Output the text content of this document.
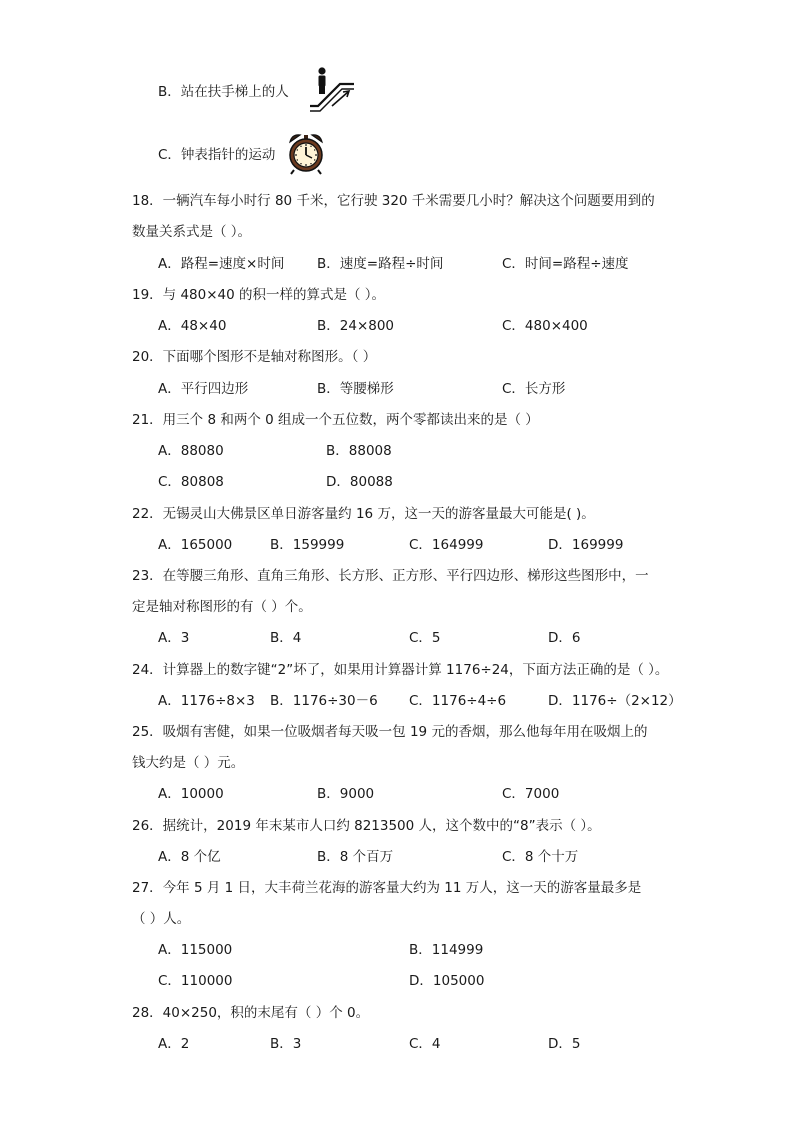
B．站在扶手梯上的人
C．钟表指针的运动
18．一辆汽车每小时行 80 千米，它行驶 320 千米需要几小时？解决这个问题要用到的
数量关系式是（ ）。
A．路程=速度×时间 B．速度=路程÷时间	C．时间=路程÷速度
19．与 480×40 的积一样的算式是（ ）。
A．48×40	B．24×800	C．480×400
20．下面哪个图形不是轴对称图形。（ ）
A．平行四边形	B．等腰梯形	C．长方形
21．用三个 8 和两个 0 组成一个五位数，两个零都读出来的是（ ）
A．88080	B．88008
C．80808	D．80088
22．无锡灵山大佛景区单日游客量约 16 万，这一天的游客量最大可能是( )。
A．165000	B．159999	C．164999	D．169999
23．在等腰三角形、直角三角形、长方形、正方形、平行四边形、梯形这些图形中，一
定是轴对称图形的有（ ）个。
A．3	B．4	C．5	D．6
24．计算器上的数字键“2”坏了，如果用计算器计算 1176÷24，下面方法正确的是（ ）。
A．1176÷8×3 B．1176÷30－6 C．1176÷4÷6	D．1176÷（2×12）
25．吸烟有害健，如果一位吸烟者每天吸一包 19 元的香烟，那么他每年用在吸烟上的
钱大约是（ ）元。
A．10000	B．9000	C．7000
26．据统计，2019 年末某市人口约 8213500 人，这个数中的“8”表示（ ）。
A．8 个亿	B．8 个百万	C．8 个十万
27．今年 5 月 1 日，大丰荷兰花海的游客量大约为 11 万人，这一天的游客量最多是
（ ）人。
A．115000	B．114999
C．110000	D．105000
28．40×250，积的末尾有（ ）个 0。
A．2	B．3	C．4	D．5
